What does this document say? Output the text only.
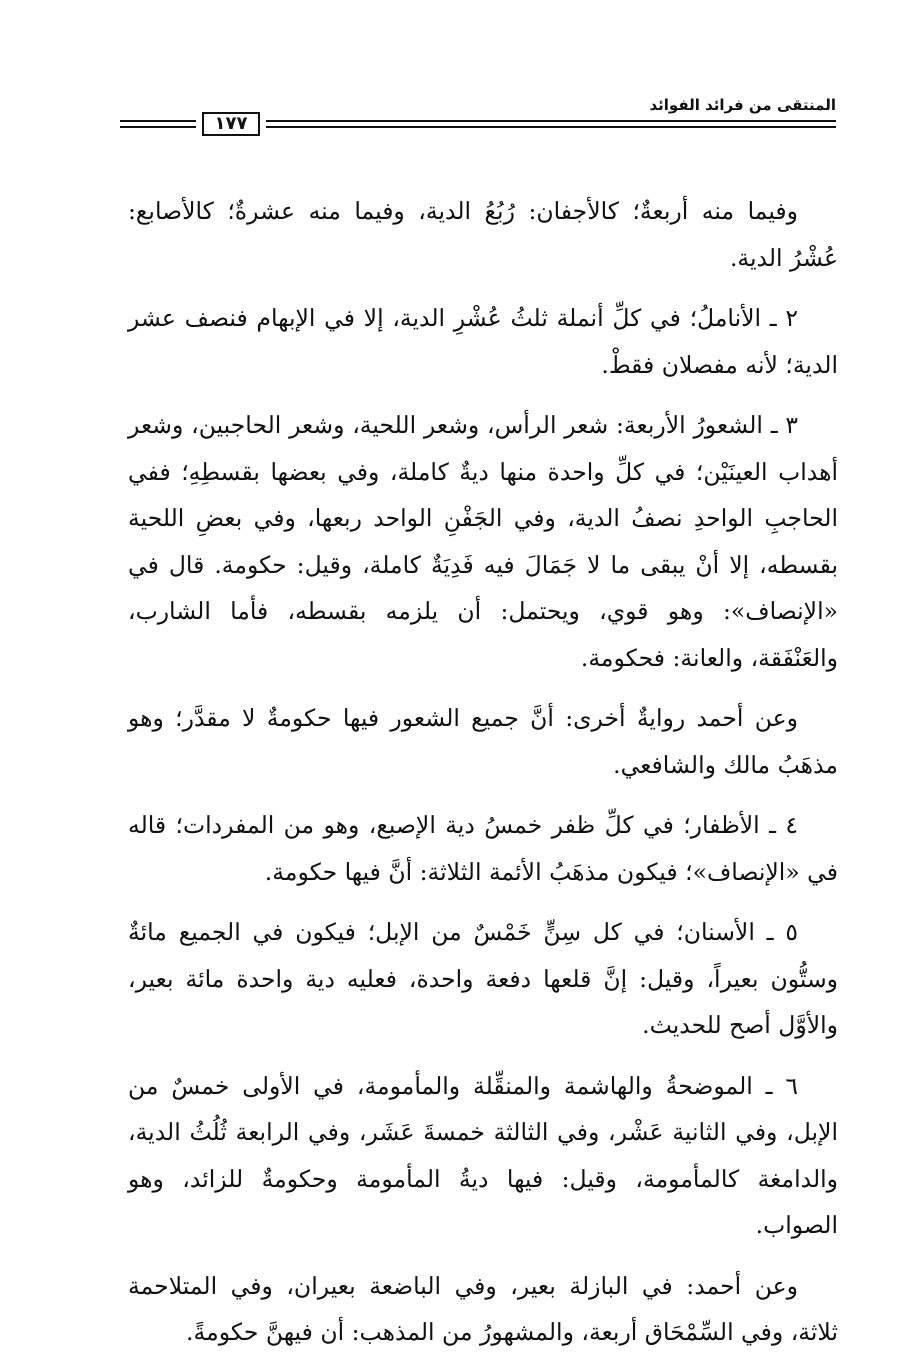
المنتقى من فرائد الفوائد
١٧٧

وفيما منه أربعةٌ؛ كالأجفان: رُبُعُ الدية، وفيما منه عشرةٌ؛ كالأصابع: عُشْرُ الدية.

٢ ـ الأناملُ؛ في كلِّ أنملة ثلثُ عُشْرِ الدية، إلا في الإبهام فنصف عشر الدية؛ لأنه مفصلان فقطْ.

٣ ـ الشعورُ الأربعة: شعر الرأس، وشعر اللحية، وشعر الحاجبين، وشعر أهداب العينَيْن؛ في كلِّ واحدة منها ديةٌ كاملة، وفي بعضها بقسطِهِ؛ ففي الحاجبِ الواحدِ نصفُ الدية، وفي الجَفْنِ الواحد ربعها، وفي بعضِ اللحية بقسطه، إلا أنْ يبقى ما لا جَمَالَ فيه فَدِيَةٌ كاملة، وقيل: حكومة. قال في «الإنصاف»: وهو قوي، ويحتمل: أن يلزمه بقسطه، فأما الشارب، والعَنْفَقة، والعانة: فحكومة.

وعن أحمد روايةٌ أخرى: أنَّ جميع الشعور فيها حكومةٌ لا مقدَّر؛ وهو مذهَبُ مالك والشافعي.

٤ ـ الأظفار؛ في كلِّ ظفر خمسُ دية الإصبع، وهو من المفردات؛ قاله في «الإنصاف»؛ فيكون مذهَبُ الأئمة الثلاثة: أنَّ فيها حكومة.

٥ ـ الأسنان؛ في كل سِنٍّ خَمْسٌ من الإبل؛ فيكون في الجميع مائةٌ وستُّون بعيراً، وقيل: إنَّ قلعها دفعة واحدة، فعليه دية واحدة مائة بعير، والأوَّل أصح للحديث.

٦ ـ الموضحةُ والهاشمة والمنقِّلة والمأمومة، في الأولى خمسٌ من الإبل، وفي الثانية عَشْر، وفي الثالثة خمسةَ عَشَر، وفي الرابعة ثُلُثُ الدية، والدامغة كالمأمومة، وقيل: فيها ديةُ المأمومة وحكومةٌ للزائد، وهو الصواب.

وعن أحمد: في البازلة بعير، وفي الباضعة بعيران، وفي المتلاحمة ثلاثة، وفي السِّمْحَاق أربعة، والمشهورُ من المذهب: أن فيهنَّ حكومةً.
